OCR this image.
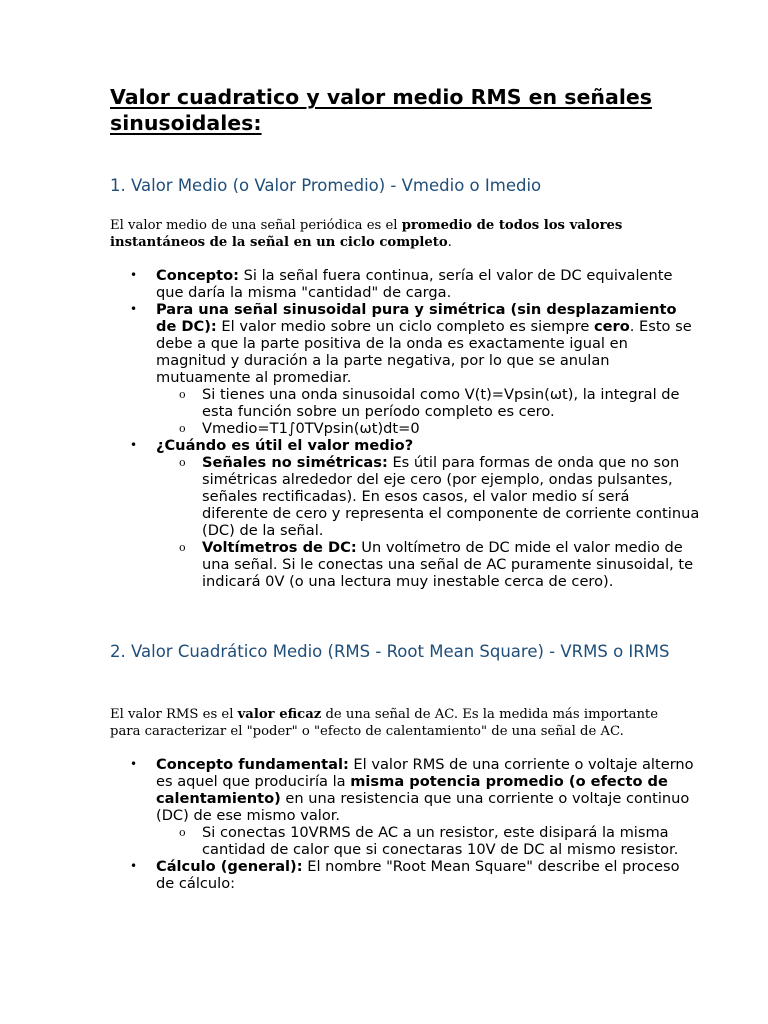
Valor cuadratico y valor medio RMS en señales sinusoidales:
1. Valor Medio (o Valor Promedio) - Vmedio o Imedio

El valor medio de una señal periódica es el promedio de todos los valores instantáneos de la señal en un ciclo completo.

• Concepto: Si la señal fuera continua, sería el valor de DC equivalente que daría la misma "cantidad" de carga.
• Para una señal sinusoidal pura y simétrica (sin desplazamiento de DC): El valor medio sobre un ciclo completo es siempre cero. Esto se debe a que la parte positiva de la onda es exactamente igual en magnitud y duración a la parte negativa, por lo que se anulan mutuamente al promediar.
o Si tienes una onda sinusoidal como V(t)=Vpsin(ωt), la integral de esta función sobre un período completo es cero.
o Vmedio=T1∫0TVpsin(ωt)dt=0
• ¿Cuándo es útil el valor medio?
o Señales no simétricas: Es útil para formas de onda que no son simétricas alrededor del eje cero (por ejemplo, ondas pulsantes, señales rectificadas). En esos casos, el valor medio sí será diferente de cero y representa el componente de corriente continua (DC) de la señal.
o Voltímetros de DC: Un voltímetro de DC mide el valor medio de una señal. Si le conectas una señal de AC puramente sinusoidal, te indicará 0V (o una lectura muy inestable cerca de cero).
2. Valor Cuadrático Medio (RMS - Root Mean Square) - VRMS o IRMS

El valor RMS es el valor eficaz de una señal de AC. Es la medida más importante para caracterizar el "poder" o "efecto de calentamiento" de una señal de AC.

• Concepto fundamental: El valor RMS de una corriente o voltaje alterno es aquel que produciría la misma potencia promedio (o efecto de calentamiento) en una resistencia que una corriente o voltaje continuo (DC) de ese mismo valor.
o Si conectas 10VRMS de AC a un resistor, este disipará la misma cantidad de calor que si conectaras 10V de DC al mismo resistor.
• Cálculo (general): El nombre "Root Mean Square" describe el proceso de cálculo:
